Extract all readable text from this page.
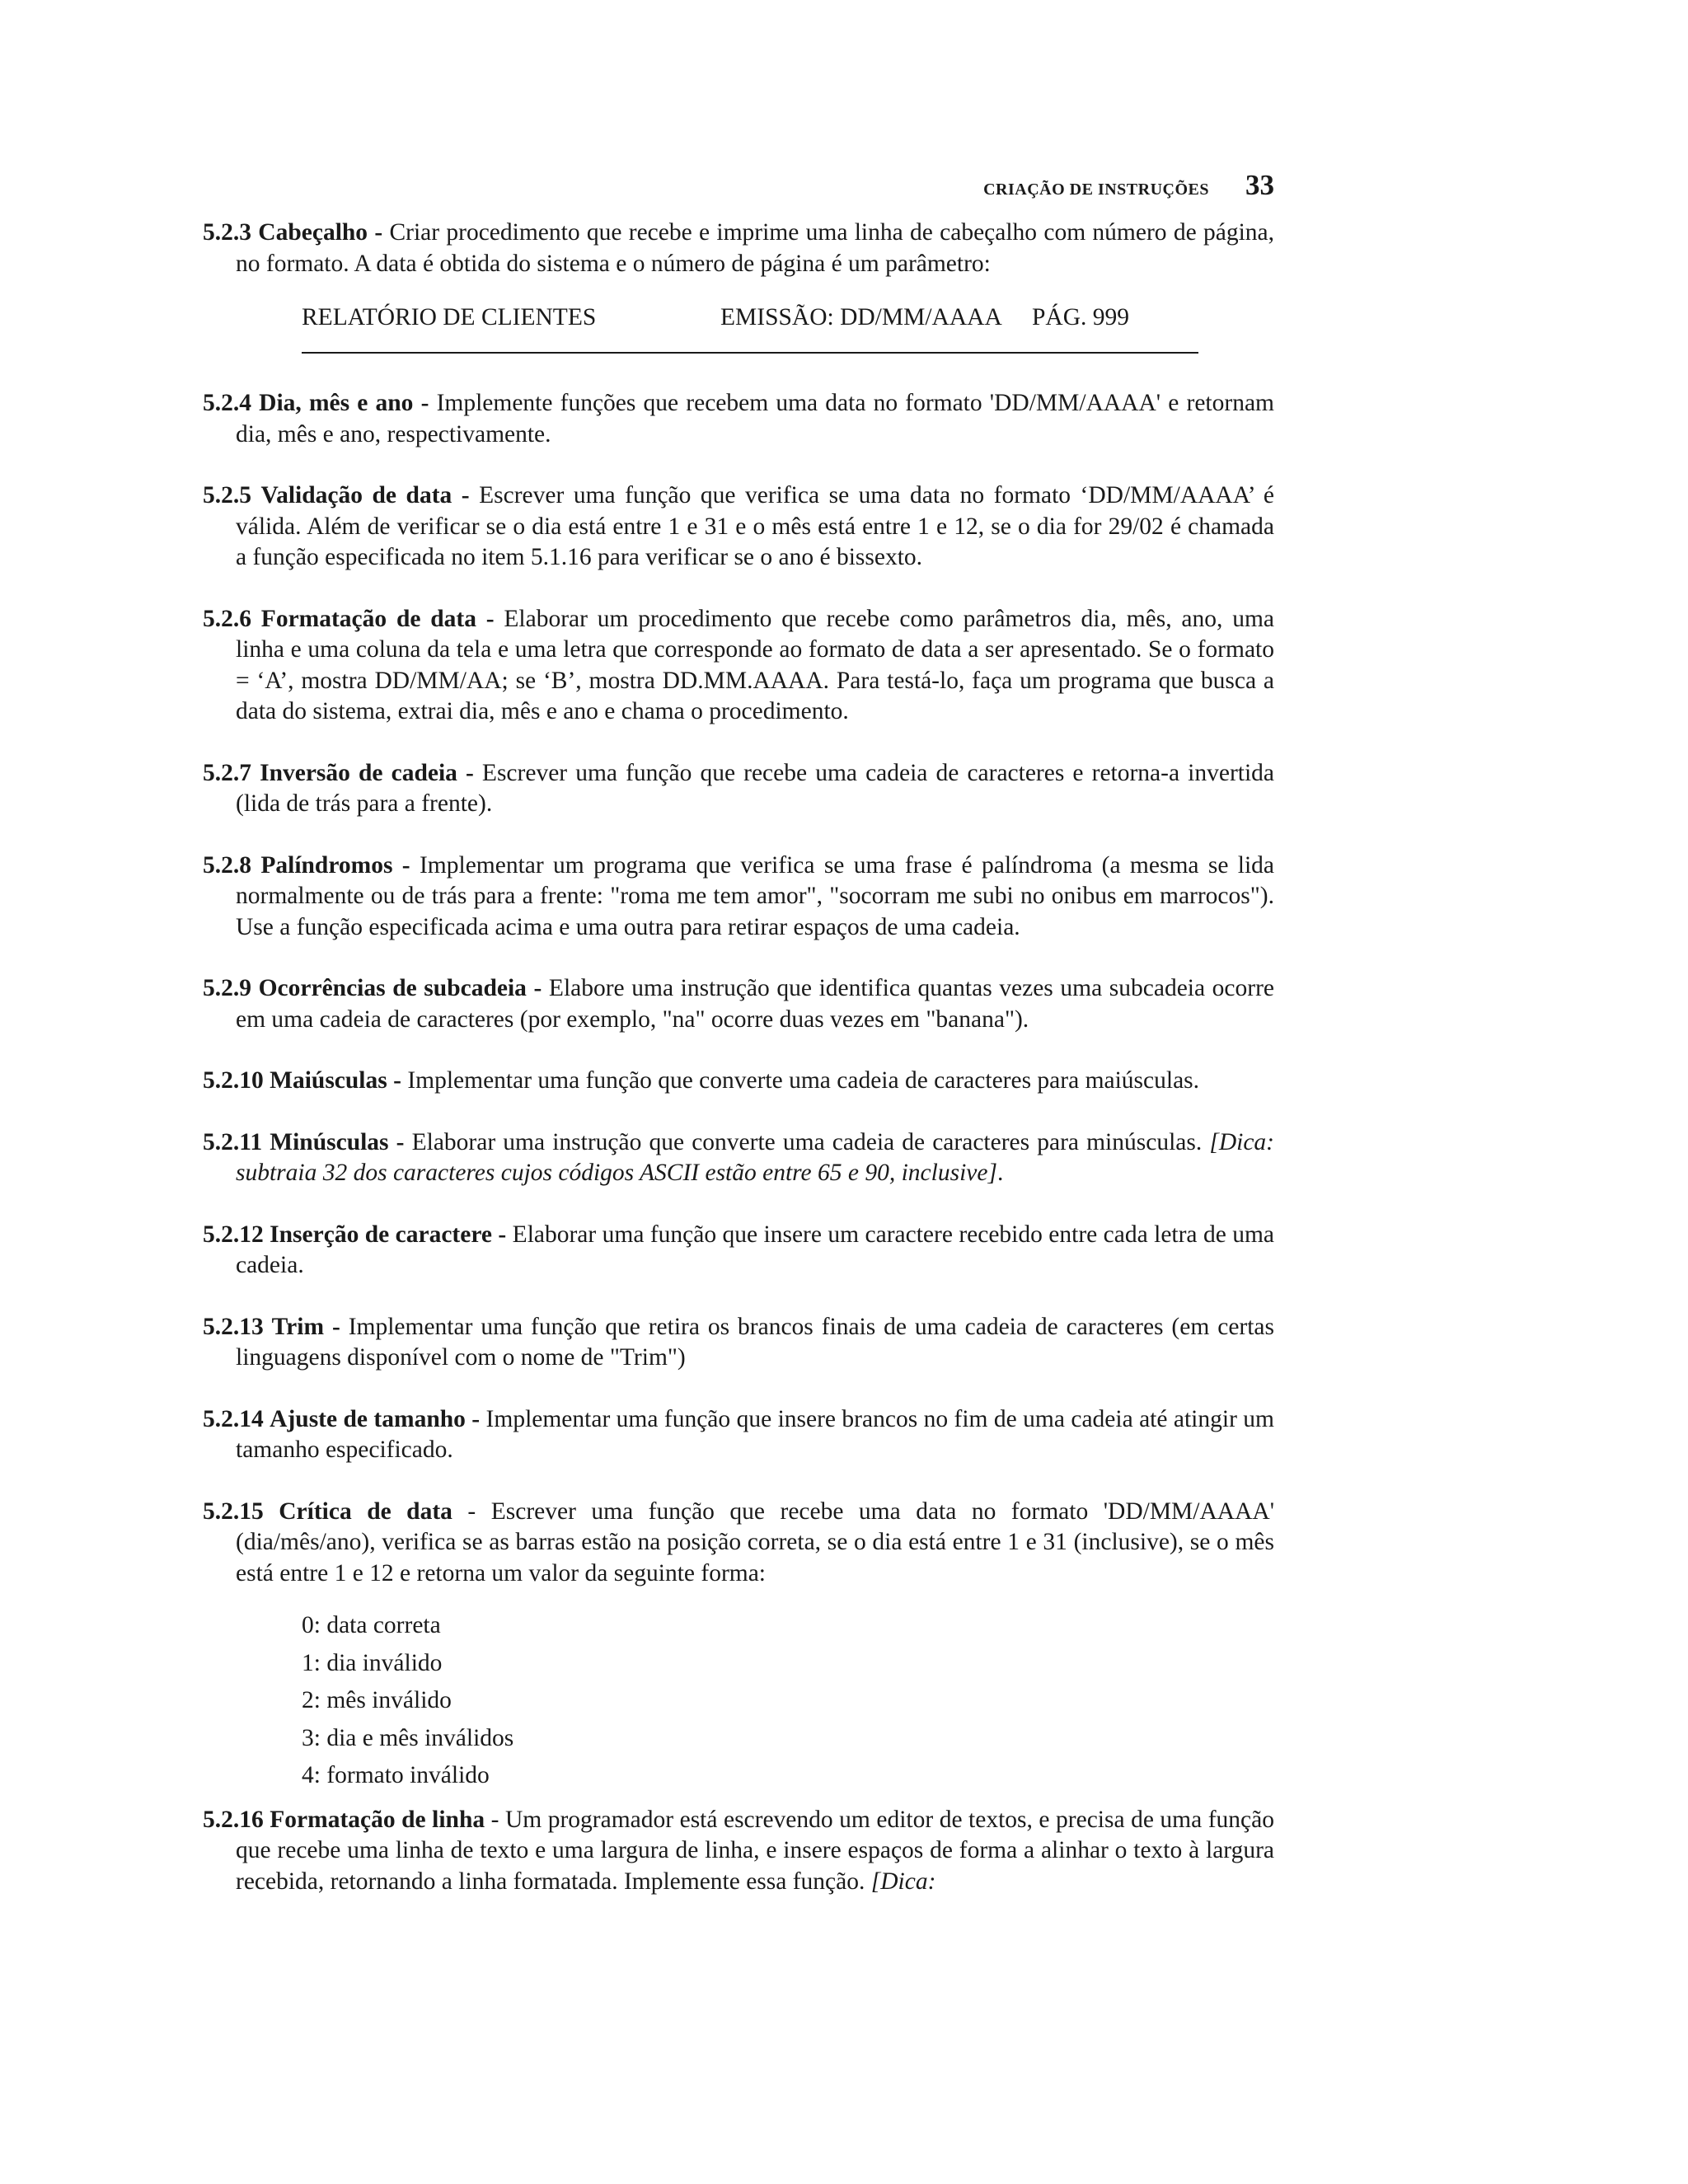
CRIAÇÃO DE INSTRUÇÕES 33

5.2.3 Cabeçalho - Criar procedimento que recebe e imprime uma linha de cabeçalho com número de página, no formato. A data é obtida do sistema e o número de página é um parâmetro:

RELATÓRIO DE CLIENTES	EMISSÃO: DD/MM/AAAA PÁG. 999

5.2.4 Dia, mês e ano - Implemente funções que recebem uma data no formato 'DD/MM/AAAA' e retornam dia, mês e ano, respectivamente.

5.2.5 Validação de data - Escrever uma função que verifica se uma data no formato ‘DD/MM/AAAA’ é válida. Além de verificar se o dia está entre 1 e 31 e o mês está entre 1 e 12, se o dia for 29/02 é chamada a função especificada no item 5.1.16 para verificar se o ano é bissexto.

5.2.6 Formatação de data - Elaborar um procedimento que recebe como parâmetros dia, mês, ano, uma linha e uma coluna da tela e uma letra que corresponde ao formato de data a ser apresentado. Se o formato = ‘A’, mostra DD/MM/AA; se ‘B’, mostra DD.MM.AAAA. Para testá-lo, faça um programa que busca a data do sistema, extrai dia, mês e ano e chama o procedimento.

5.2.7 Inversão de cadeia - Escrever uma função que recebe uma cadeia de caracteres e retorna-a invertida (lida de trás para a frente).

5.2.8 Palíndromos - Implementar um programa que verifica se uma frase é palíndroma (a mesma se lida normalmente ou de trás para a frente: "roma me tem amor", "socorram me subi no onibus em marrocos"). Use a função especificada acima e uma outra para retirar espaços de uma cadeia.

5.2.9 Ocorrências de subcadeia - Elabore uma instrução que identifica quantas vezes uma subcadeia ocorre em uma cadeia de caracteres (por exemplo, "na" ocorre duas vezes em "banana").

5.2.10 Maiúsculas - Implementar uma função que converte uma cadeia de caracteres para maiúsculas.

5.2.11 Minúsculas - Elaborar uma instrução que converte uma cadeia de caracteres para minúsculas. [Dica: subtraia 32 dos caracteres cujos códigos ASCII estão entre 65 e 90, inclusive].

5.2.12 Inserção de caractere - Elaborar uma função que insere um caractere recebido entre cada letra de uma cadeia.

5.2.13 Trim - Implementar uma função que retira os brancos finais de uma cadeia de caracteres (em certas linguagens disponível com o nome de "Trim")

5.2.14 Ajuste de tamanho - Implementar uma função que insere brancos no fim de uma cadeia até atingir um tamanho especificado.

5.2.15 Crítica de data - Escrever uma função que recebe uma data no formato 'DD/MM/AAAA' (dia/mês/ano), verifica se as barras estão na posição correta, se o dia está entre 1 e 31 (inclusive), se o mês está entre 1 e 12 e retorna um valor da seguinte forma:

0: data correta
1: dia inválido
2: mês inválido
3: dia e mês inválidos
4: formato inválido

5.2.16 Formatação de linha - Um programador está escrevendo um editor de textos, e precisa de uma função que recebe uma linha de texto e uma largura de linha, e insere espaços de forma a alinhar o texto à largura recebida, retornando a linha formatada. Implemente essa função. [Dica:
